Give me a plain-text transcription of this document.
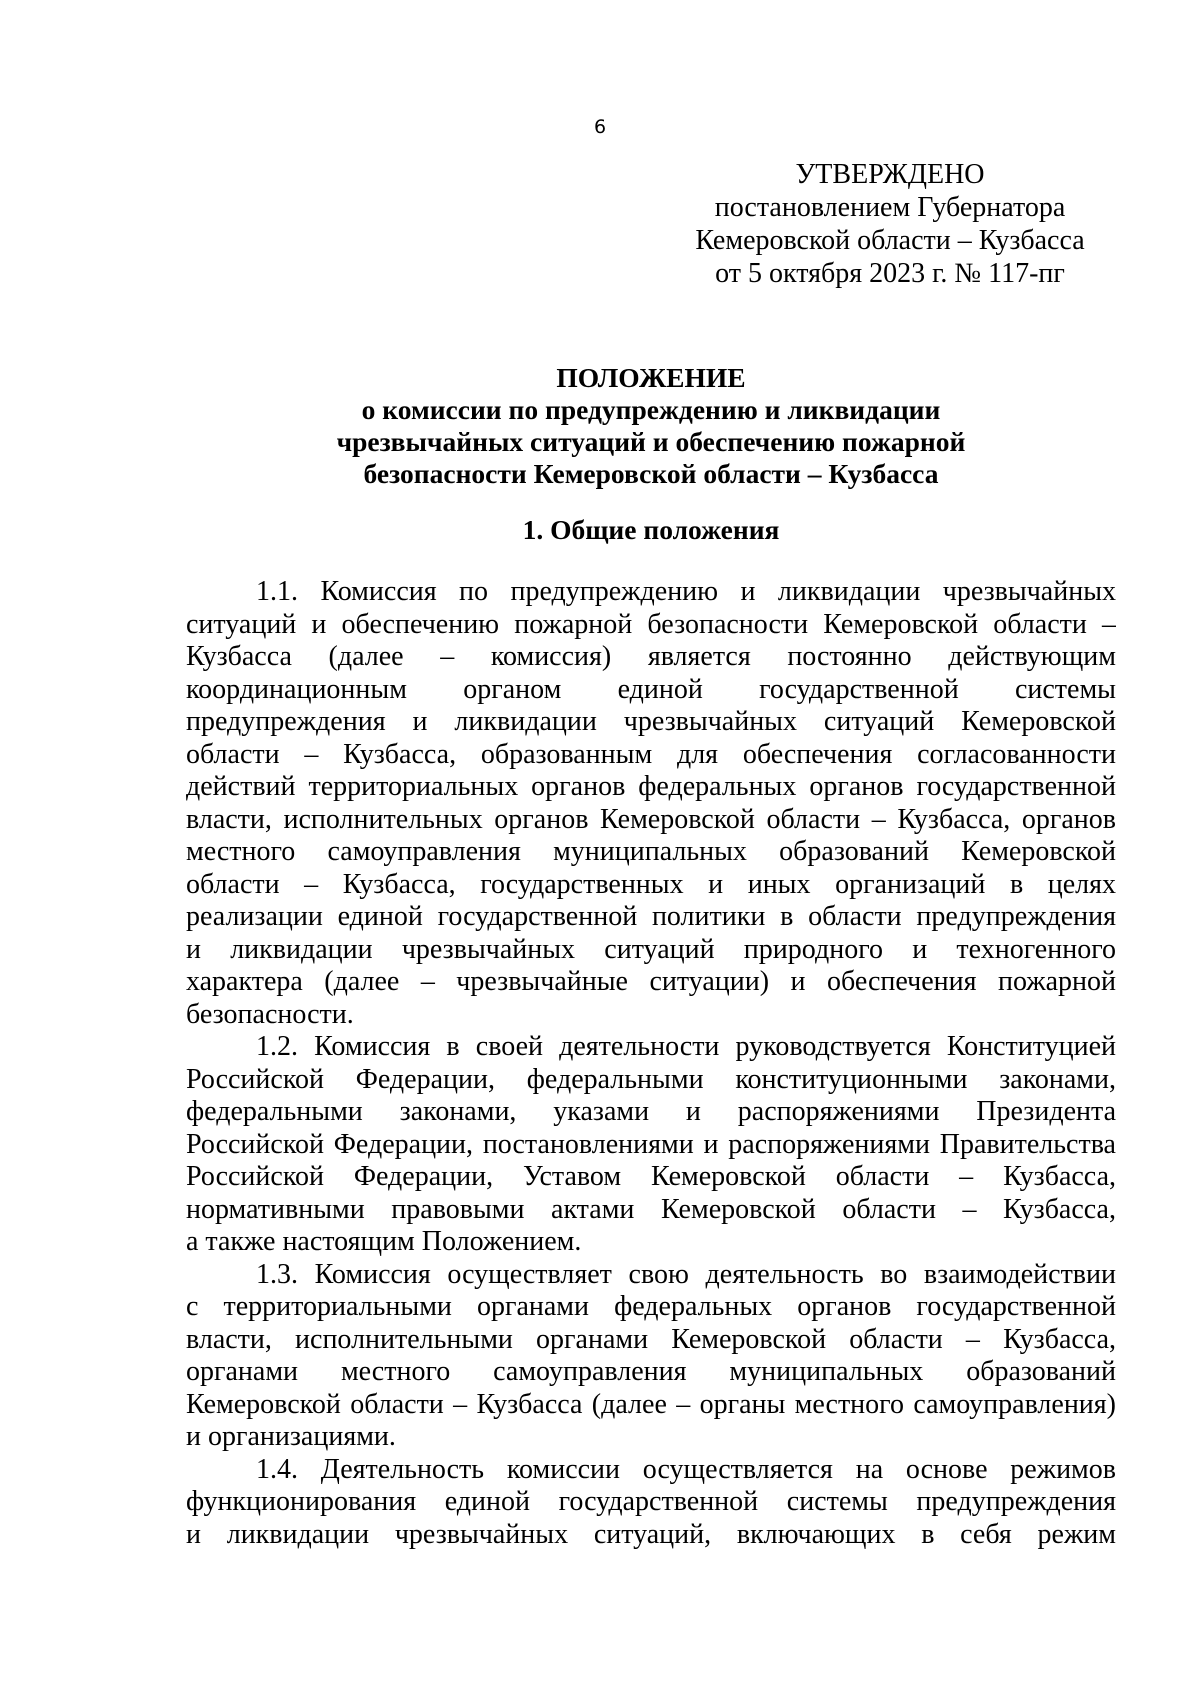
6
УТВЕРЖДЕНО
постановлением Губернатора
Кемеровской области – Кузбасса
от 5 октября 2023 г. № 117-пг
ПОЛОЖЕНИЕ
о комиссии по предупреждению и ликвидации
чрезвычайных ситуаций и обеспечению пожарной
безопасности Кемеровской области – Кузбасса
1. Общие положения
1.1. Комиссия по предупреждению и ликвидации чрезвычайных
ситуаций и обеспечению пожарной безопасности Кемеровской области –
Кузбасса (далее – комиссия) является постоянно действующим
координационным органом единой государственной системы
предупреждения и ликвидации чрезвычайных ситуаций Кемеровской
области – Кузбасса, образованным для обеспечения согласованности
действий территориальных органов федеральных органов государственной
власти, исполнительных органов Кемеровской области – Кузбасса, органов
местного самоуправления муниципальных образований Кемеровской
области – Кузбасса, государственных и иных организаций в целях
реализации единой государственной политики в области предупреждения
и ликвидации чрезвычайных ситуаций природного и техногенного
характера (далее – чрезвычайные ситуации) и обеспечения пожарной
безопасности.
1.2. Комиссия в своей деятельности руководствуется Конституцией
Российской Федерации, федеральными конституционными законами,
федеральными законами, указами и распоряжениями Президента
Российской Федерации, постановлениями и распоряжениями Правительства
Российской Федерации, Уставом Кемеровской области – Кузбасса,
нормативными правовыми актами Кемеровской области – Кузбасса,
а также настоящим Положением.
1.3. Комиссия осуществляет свою деятельность во взаимодействии
с территориальными органами федеральных органов государственной
власти, исполнительными органами Кемеровской области – Кузбасса,
органами местного самоуправления муниципальных образований
Кемеровской области – Кузбасса (далее – органы местного самоуправления)
и организациями.
1.4. Деятельность комиссии осуществляется на основе режимов
функционирования единой государственной системы предупреждения
и ликвидации чрезвычайных ситуаций, включающих в себя режим
